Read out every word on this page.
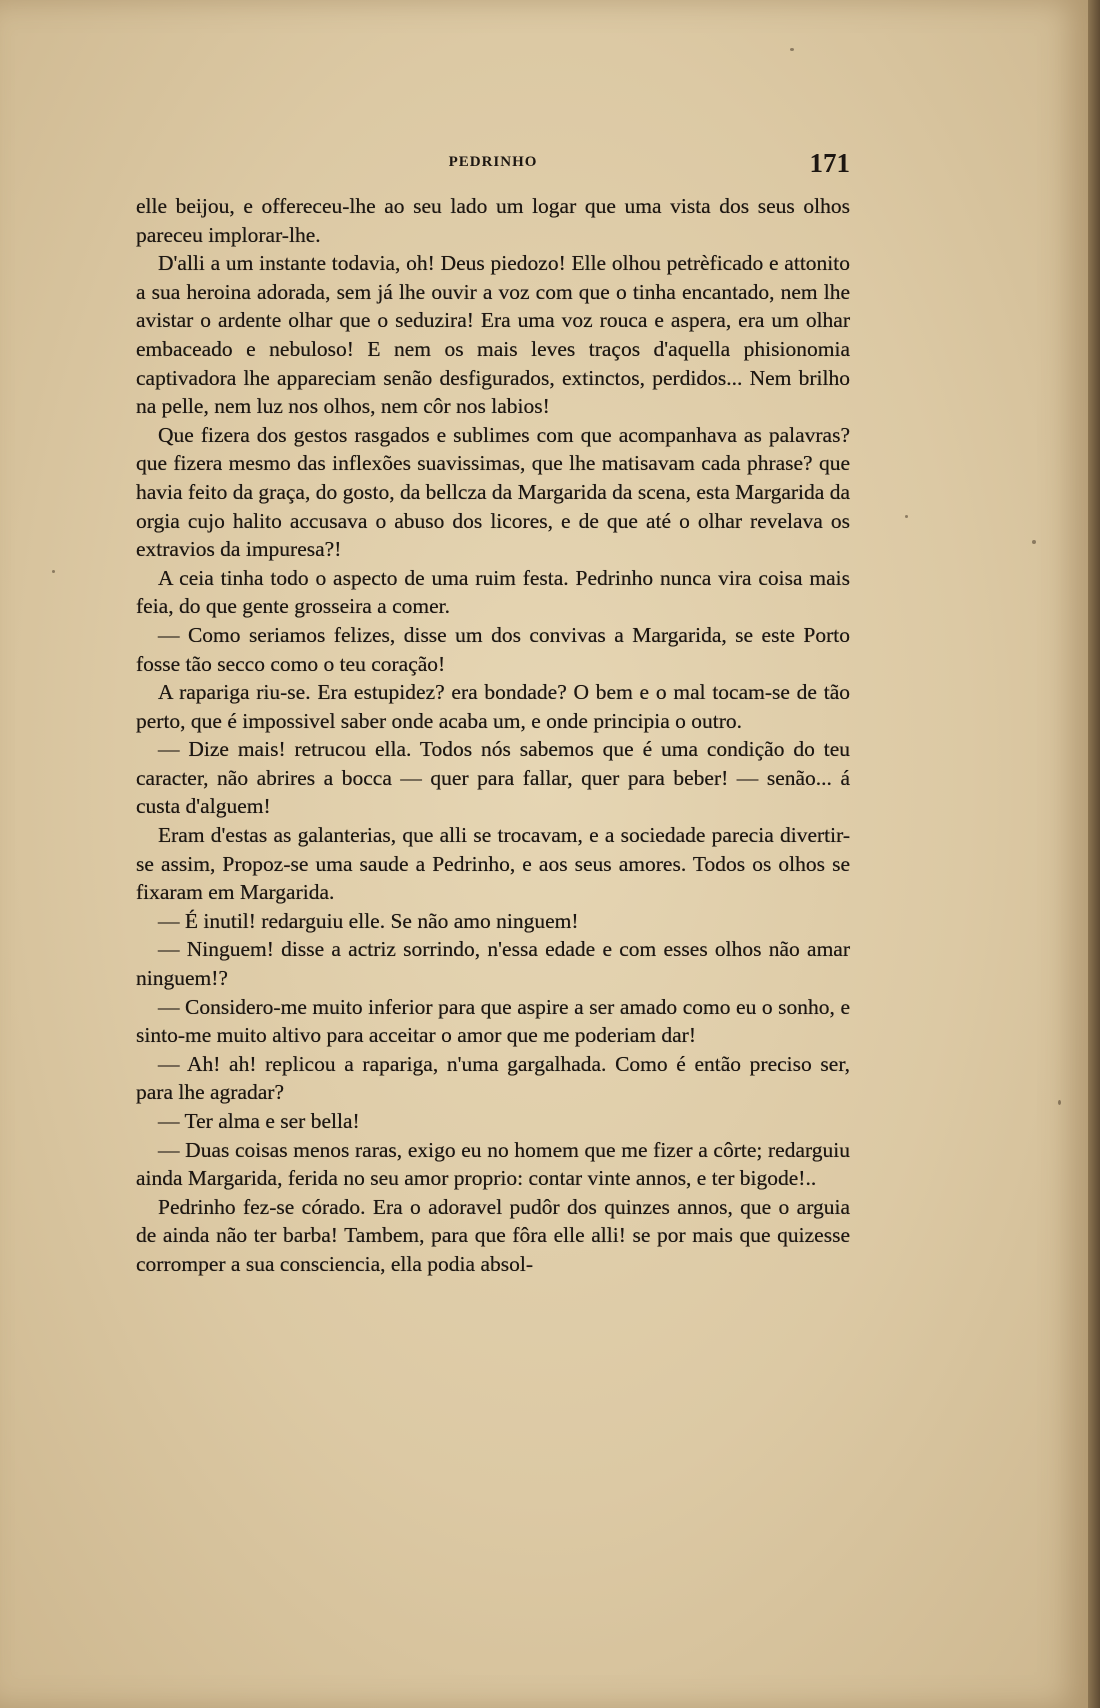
PEDRINHO	171

elle beijou, e offereceu-lhe ao seu lado um logar que uma vista dos seus olhos pareceu implorar-lhe.

D'alli a um instante todavia, oh! Deus piedozo! Elle olhou petrèficado e attonito a sua heroina adorada, sem já lhe ouvir a voz com que o tinha encantado, nem lhe avistar o ardente olhar que o seduzira! Era uma voz rouca e aspera, era um olhar embaceado e nebuloso! E nem os mais leves traços d'aquella phisionomia captivadora lhe appareciam senão desfigurados, extinctos, perdidos... Nem brilho na pelle, nem luz nos olhos, nem côr nos labios!

Que fizera dos gestos rasgados e sublimes com que acompanhava as palavras? que fizera mesmo das inflexões suavissimas, que lhe matisavam cada phrase? que havia feito da graça, do gosto, da bellcza da Margarida da scena, esta Margarida da orgia cujo halito accusava o abuso dos licores, e de que até o olhar revelava os extravios da impuresa?!

A ceia tinha todo o aspecto de uma ruim festa. Pedrinho nunca vira coisa mais feia, do que gente grosseira a comer.

— Como seriamos felizes, disse um dos convivas a Margarida, se este Porto fosse tão secco como o teu coração!

A rapariga riu-se. Era estupidez? era bondade? O bem e o mal tocam-se de tão perto, que é impossivel saber onde acaba um, e onde principia o outro.

— Dize mais! retrucou ella. Todos nós sabemos que é uma condição do teu caracter, não abrires a bocca — quer para fallar, quer para beber! — senão... á custa d'alguem!

Eram d'estas as galanterias, que alli se trocavam, e a sociedade parecia divertir-se assim, Propoz-se uma saude a Pedrinho, e aos seus amores. Todos os olhos se fixaram em Margarida.

— É inutil! redarguiu elle. Se não amo ninguem!

— Ninguem! disse a actriz sorrindo, n'essa edade e com esses olhos não amar ninguem!?

— Considero-me muito inferior para que aspire a ser amado como eu o sonho, e sinto-me muito altivo para acceitar o amor que me poderiam dar!

— Ah! ah! replicou a rapariga, n'uma gargalhada. Como é então preciso ser, para lhe agradar?

— Ter alma e ser bella!

— Duas coisas menos raras, exigo eu no homem que me fizer a côrte; redarguiu ainda Margarida, ferida no seu amor proprio: contar vinte annos, e ter bigode!..

Pedrinho fez-se córado. Era o adoravel pudôr dos quinzes annos, que o arguia de ainda não ter barba! Tambem, para que fôra elle alli! se por mais que quizesse corromper a sua consciencia, ella podia absol-
